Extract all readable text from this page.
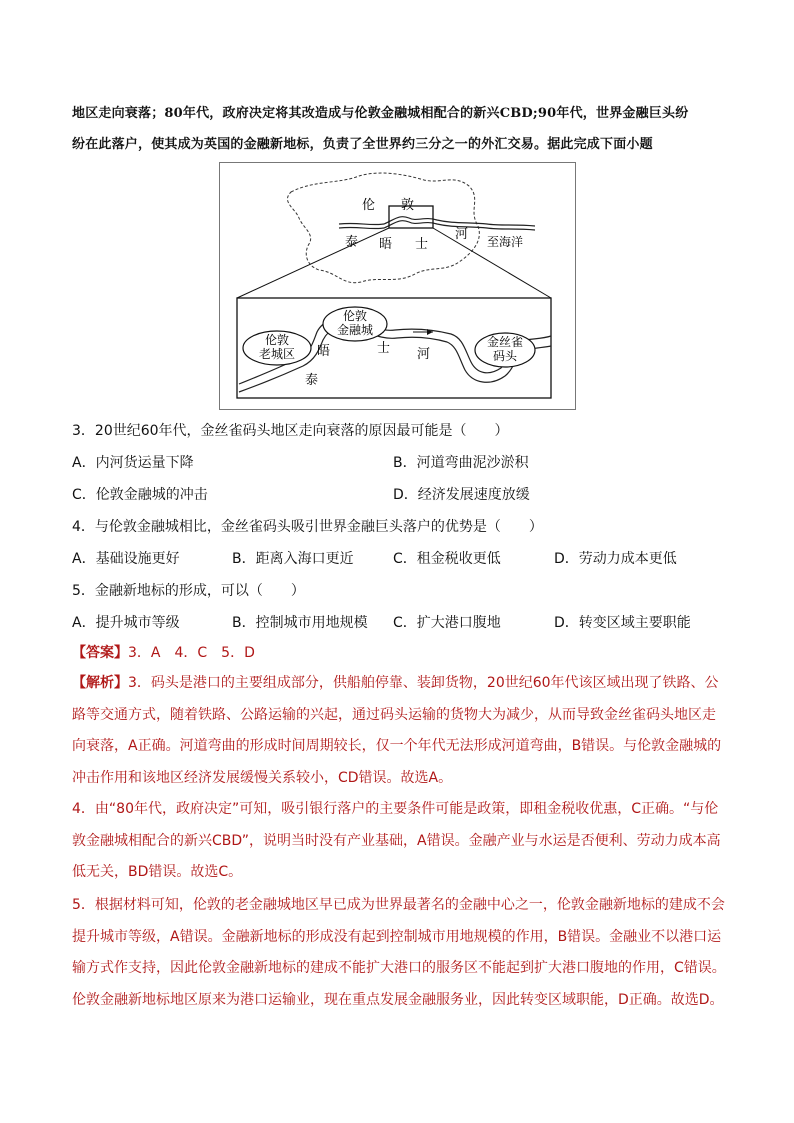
地区走向衰落；80年代，政府决定将其改造成与伦敦金融城相配合的新兴CBD;90年代，世界金融巨头纷

纷在此落户，使其成为英国的金融新地标，负责了全世界约三分之一的外汇交易。据此完成下面小题

伦 敦
泰 晤 士
河 至海洋
伦敦
老城区
伦敦
金融城
金丝雀
码头
晤	士 河
泰
3．20世纪60年代，金丝雀码头地区走向衰落的原因最可能是（　　）
A．内河货运量下降	B．河道弯曲泥沙淤积
C．伦敦金融城的冲击	D．经济发展速度放缓
4．与伦敦金融城相比，金丝雀码头吸引世界金融巨头落户的优势是（　　）
A．基础设施更好	B．距离入海口更近	C．租金税收更低	D．劳动力成本更低
5．金融新地标的形成，可以（　　）
A．提升城市等级	B．控制城市用地规模 C．扩大港口腹地	D．转变区域主要职能
【答案】3．A　4．C　5．D

【解析】3．码头是港口的主要组成部分，供船舶停靠、装卸货物，20世纪60年代该区域出现了铁路、公

路等交通方式，随着铁路、公路运输的兴起，通过码头运输的货物大为减少，从而导致金丝雀码头地区走

向衰落，A正确。河道弯曲的形成时间周期较长，仅一个年代无法形成河道弯曲，B错误。与伦敦金融城的

冲击作用和该地区经济发展缓慢关系较小，CD错误。故选A。

4．由“80年代，政府决定”可知，吸引银行落户的主要条件可能是政策，即租金税收优惠，C正确。“与伦

敦金融城相配合的新兴CBD”，说明当时没有产业基础，A错误。金融产业与水运是否便利、劳动力成本高

低无关，BD错误。故选C。

5．根据材料可知，伦敦的老金融城地区早已成为世界最著名的金融中心之一，伦敦金融新地标的建成不会

提升城市等级，A错误。金融新地标的形成没有起到控制城市用地规模的作用，B错误。金融业不以港口运

输方式作支持，因此伦敦金融新地标的建成不能扩大港口的服务区不能起到扩大港口腹地的作用，C错误。

伦敦金融新地标地区原来为港口运输业，现在重点发展金融服务业，因此转变区域职能，D正确。故选D。
